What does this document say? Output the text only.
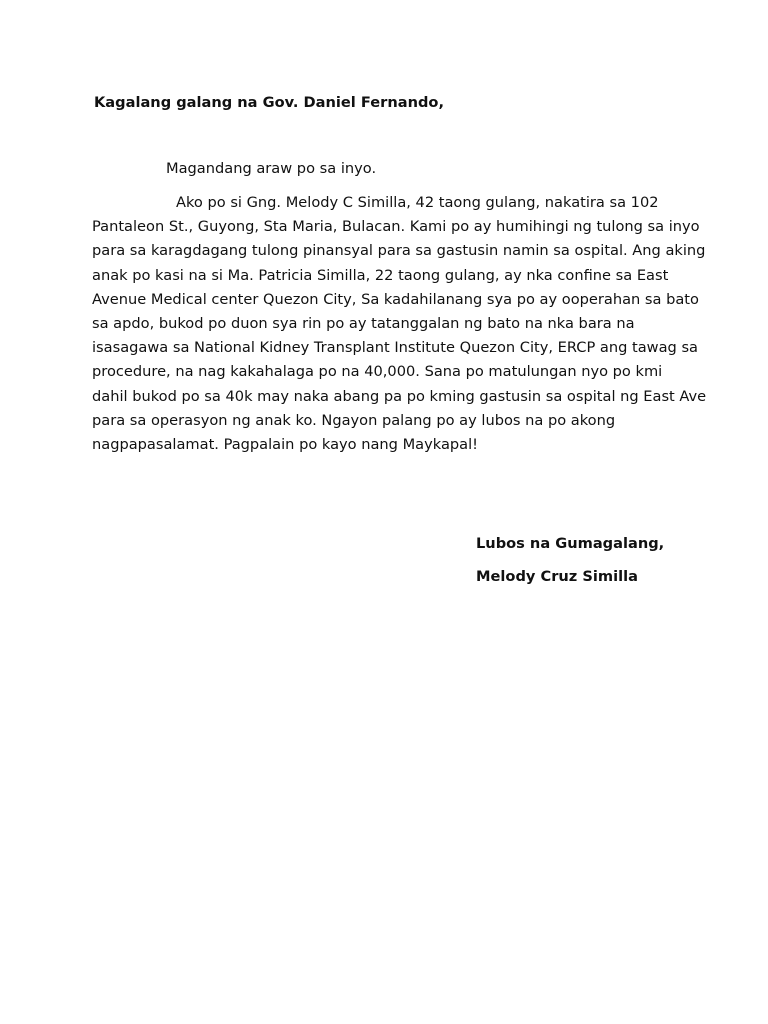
Kagalang galang na Gov. Daniel Fernando,
Magandang araw po sa inyo.
Ako po si Gng. Melody C Similla, 42 taong gulang, nakatira sa 102
Pantaleon St., Guyong, Sta Maria, Bulacan. Kami po ay humihingi ng tulong sa inyo
para sa karagdagang tulong pinansyal para sa gastusin namin sa ospital. Ang aking
anak po kasi na si Ma. Patricia Similla, 22 taong gulang, ay nka confine sa East
Avenue Medical center Quezon City, Sa kadahilanang sya po ay ooperahan sa bato
sa apdo, bukod po duon sya rin po ay tatanggalan ng bato na nka bara na
isasagawa sa National Kidney Transplant Institute Quezon City, ERCP ang tawag sa
procedure, na nag kakahalaga po na 40,000. Sana po matulungan nyo po kmi
dahil bukod po sa 40k may naka abang pa po kming gastusin sa ospital ng East Ave
para sa operasyon ng anak ko. Ngayon palang po ay lubos na po akong
nagpapasalamat. Pagpalain po kayo nang Maykapal!
Lubos na Gumagalang,
Melody Cruz Similla
